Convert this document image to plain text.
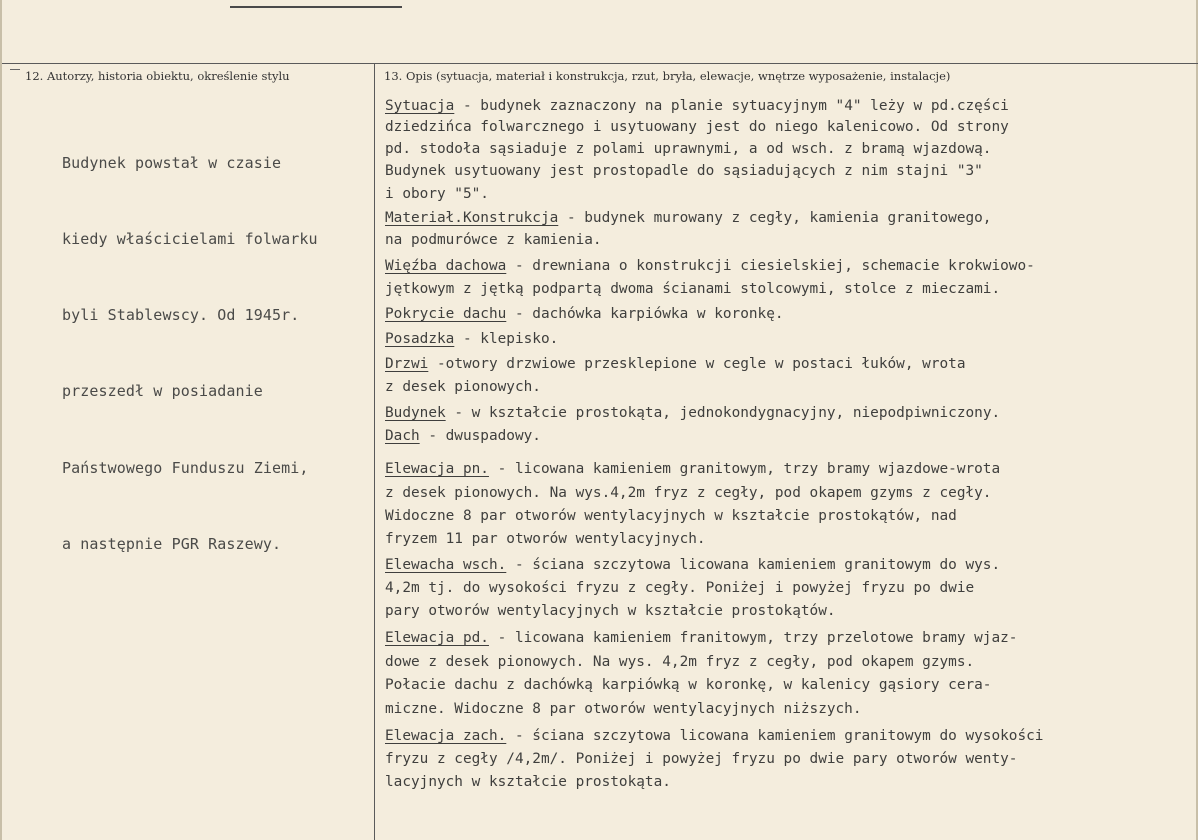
12. Autorzy, historia obiektu, określenie stylu	13. Opis (sytuacja, materiał i konstrukcja, rzut, bryła, elewacje, wnętrze wyposażenie, instalacje)

Budynek powstał w czasie

kiedy właścicielami folwarku

byli Stablewscy. Od 1945r.

przeszedł w posiadanie

Państwowego Funduszu Ziemi,

a następnie PGR Raszewy.

Sytuacja - budynek zaznaczony na planie sytuacyjnym "4" leży w pd.części
dziedzińca folwarcznego i usytuowany jest do niego kalenicowo. Od strony
pd. stodoła sąsiaduje z polami uprawnymi, a od wsch. z bramą wjazdową.
Budynek usytuowany jest prostopadle do sąsiadujących z nim stajni "3"
i obory "5".
Materiał.Konstrukcja - budynek murowany z cegły, kamienia granitowego,
na podmurówce z kamienia.
Więźba dachowa - drewniana o konstrukcji ciesielskiej, schemacie krokwiowo-
jętkowym z jętką podpartą dwoma ścianami stolcowymi, stolce z mieczami.
Pokrycie dachu - dachówka karpiówka w koronkę.
Posadzka - klepisko.
Drzwi -otwory drzwiowe przesklepione w cegle w postaci łuków, wrota
z desek pionowych.
Budynek - w kształcie prostokąta, jednokondygnacyjny, niepodpiwniczony.
Dach - dwuspadowy.
Elewacja pn. - licowana kamieniem granitowym, trzy bramy wjazdowe-wrota
z desek pionowych. Na wys.4,2m fryz z cegły, pod okapem gzyms z cegły.
Widoczne 8 par otworów wentylacyjnych w kształcie prostokątów, nad
fryzem 11 par otworów wentylacyjnych.
Elewacha wsch. - ściana szczytowa licowana kamieniem granitowym do wys.
4,2m tj. do wysokości fryzu z cegły. Poniżej i powyżej fryzu po dwie
pary otworów wentylacyjnych w kształcie prostokątów.
Elewacja pd. - licowana kamieniem franitowym, trzy przelotowe bramy wjaz-
dowe z desek pionowych. Na wys. 4,2m fryz z cegły, pod okapem gzyms.
Połacie dachu z dachówką karpiówką w koronkę, w kalenicy gąsiory cera-
miczne. Widoczne 8 par otworów wentylacyjnych niższych.
Elewacja zach. - ściana szczytowa licowana kamieniem granitowym do wysokości
fryzu z cegły /4,2m/. Poniżej i powyżej fryzu po dwie pary otworów wenty-
lacyjnych w kształcie prostokąta.
